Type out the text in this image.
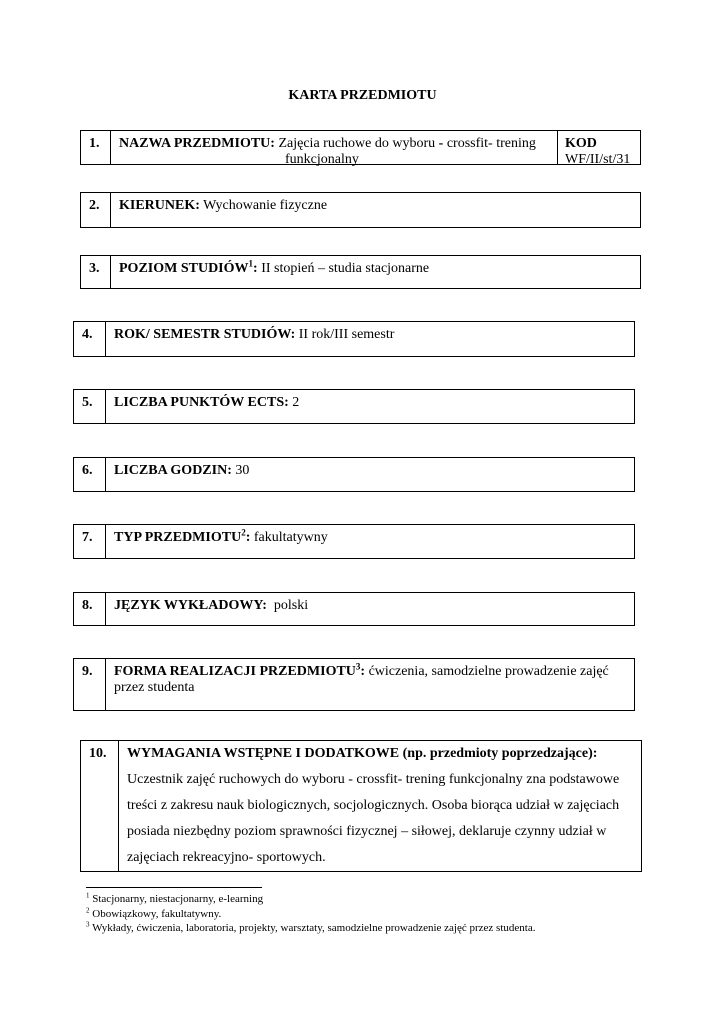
KARTA PRZEDMIOTU
1. NAZWA PRZEDMIOTU: Zajęcia ruchowe do wyboru - crossfit- trening
funkcjonalny
KOD
WF/II/st/31
2. KIERUNEK: Wychowanie fizyczne
3. POZIOM STUDIÓW$^1$: II stopień – studia stacjonarne
4. ROK/ SEMESTR STUDIÓW: II rok/III semestr
5. LICZBA PUNKTÓW ECTS: 2
6. LICZBA GODZIN: 30
7. TYP PRZEDMIOTU$^2$: fakultatywny
8. JĘZYK WYKŁADOWY: polski
9. FORMA REALIZACJI PRZEDMIOTU$^3$: ćwiczenia, samodzielne prowadzenie zajęć
przez studenta
10. WYMAGANIA WSTĘPNE I DODATKOWE (np. przedmioty poprzedzające):
Uczestnik zajęć ruchowych do wyboru - crossfit- trening funkcjonalny zna podstawowe
treści z zakresu nauk biologicznych, socjologicznych. Osoba biorąca udział w zajęciach
posiada niezbędny poziom sprawności fizycznej – siłowej, deklaruje czynny udział w
zajęciach rekreacyjno- sportowych.
$^1$ Stacjonarny, niestacjonarny, e-learning
$^2$ Obowiązkowy, fakultatywny.
$^3$ Wykłady, ćwiczenia, laboratoria, projekty, warsztaty, samodzielne prowadzenie zajęć przez studenta.
